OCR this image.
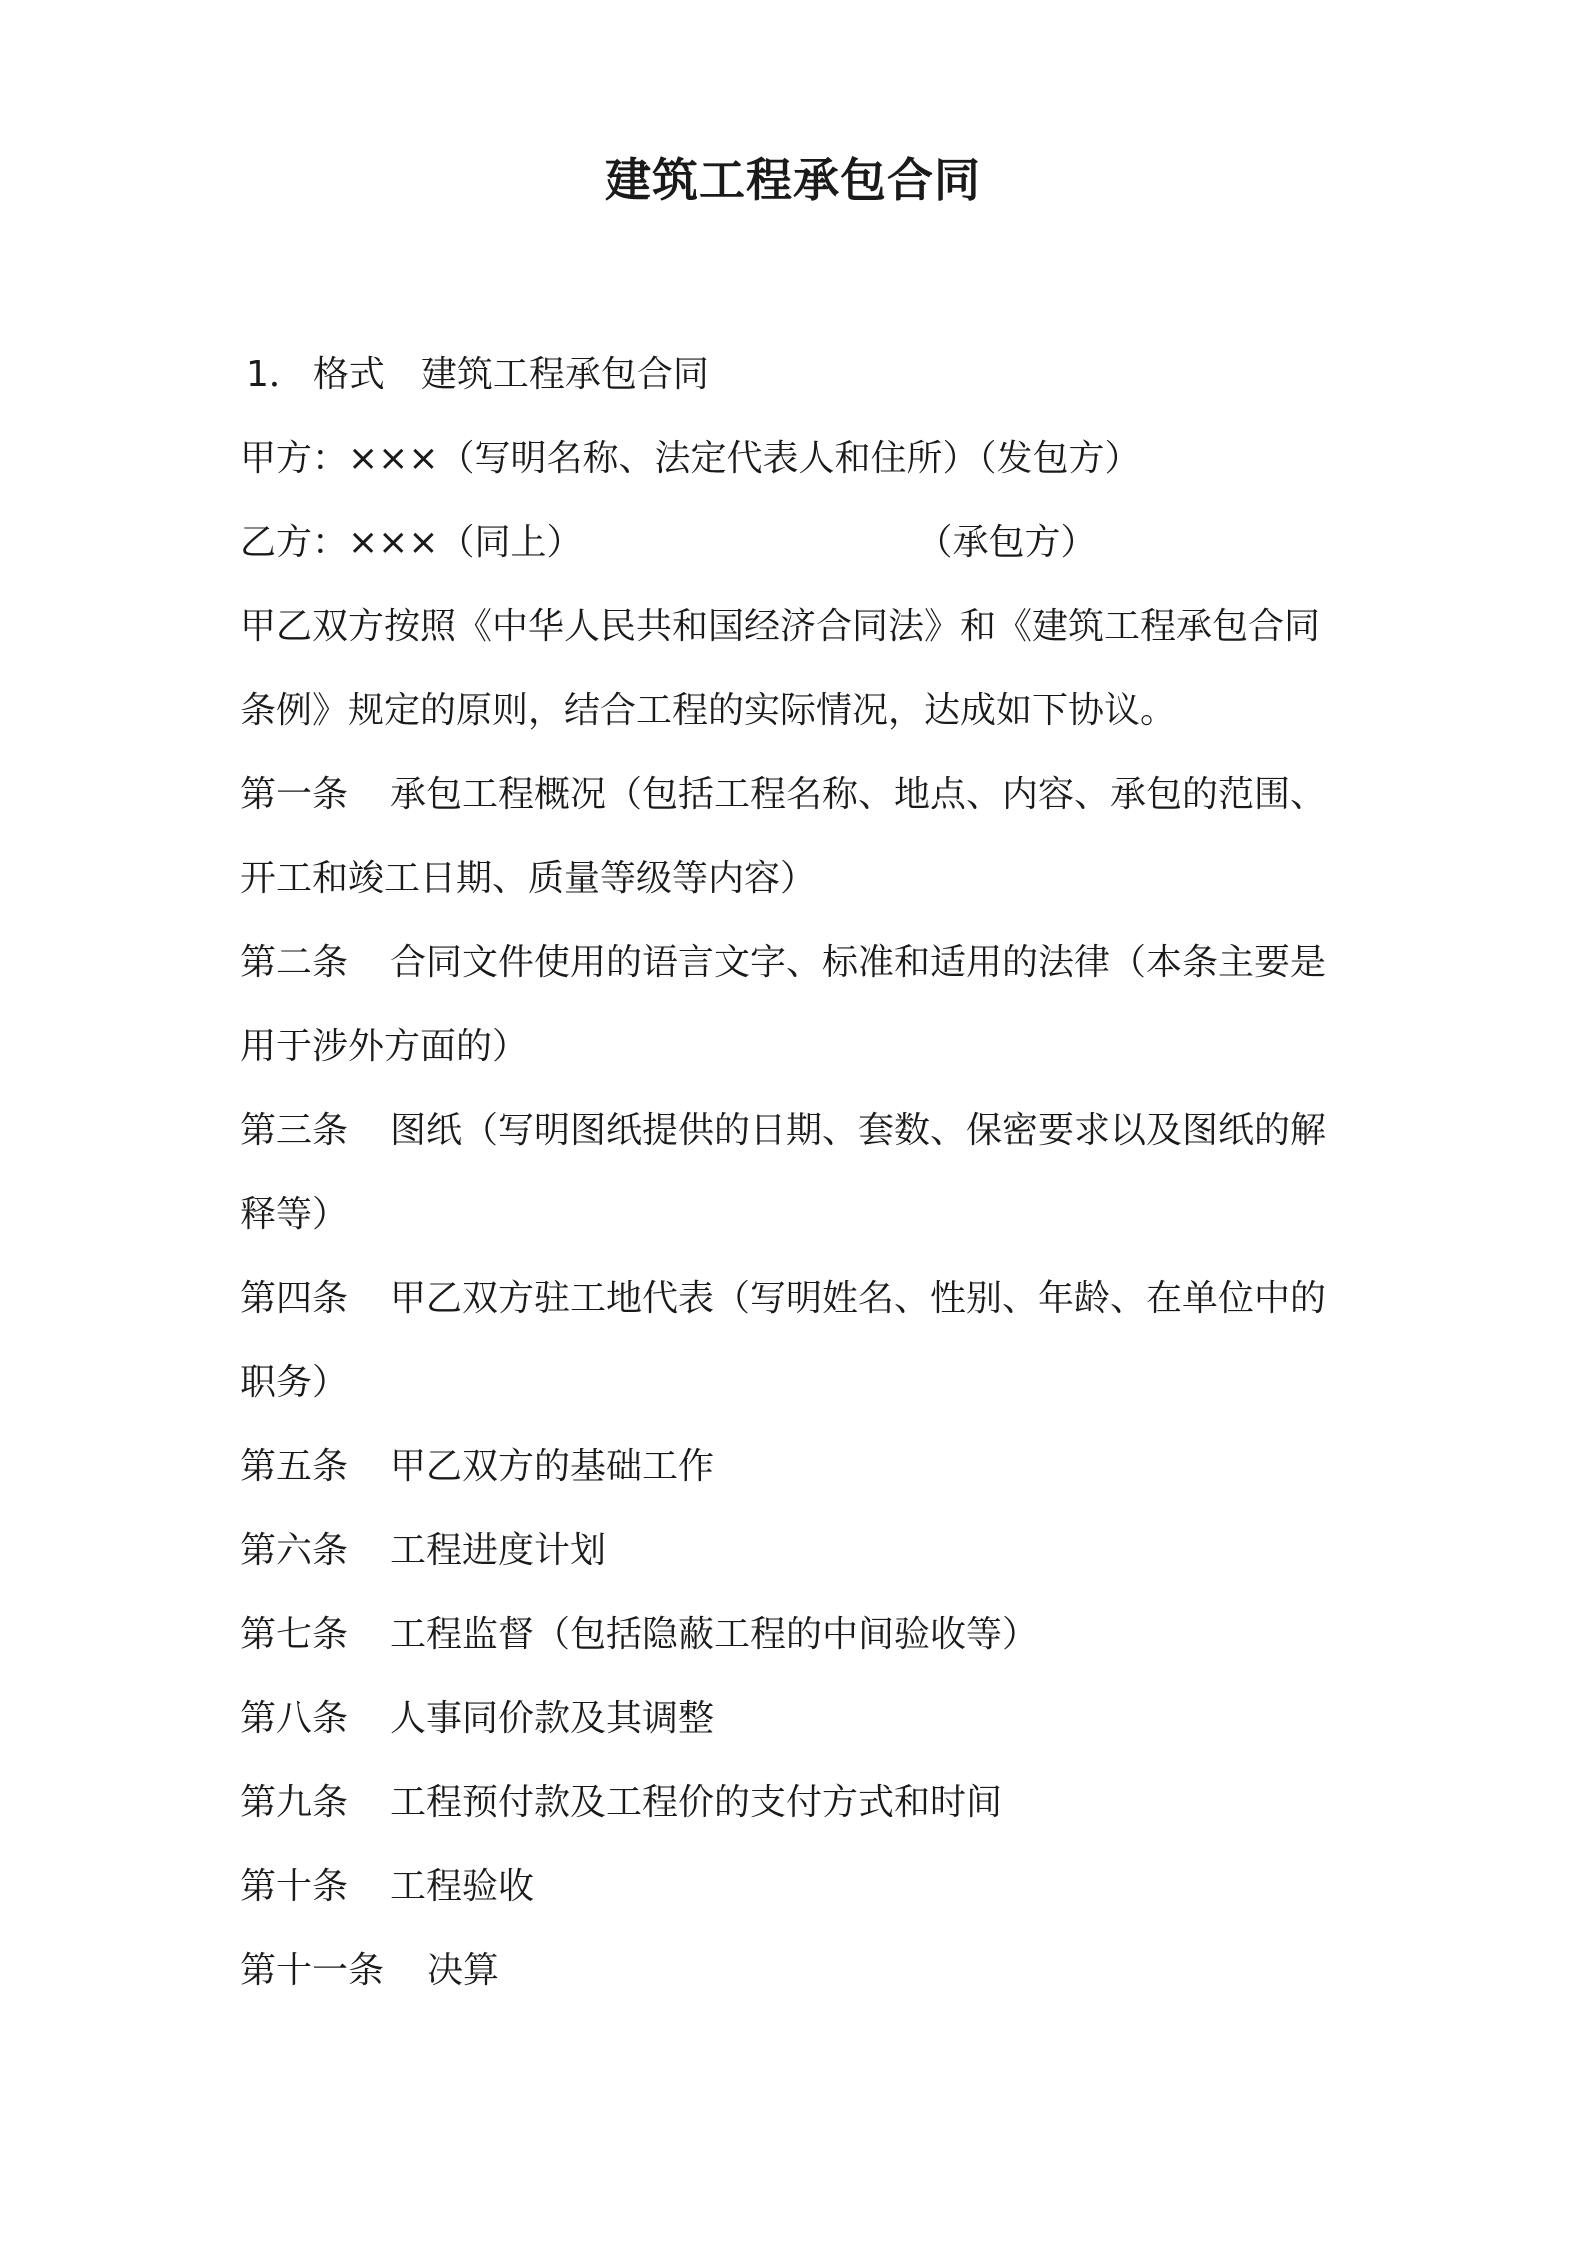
建筑工程承包合同
1． 格式 建筑工程承包合同
甲方：×××（写明名称、法定代表人和住所）（发包方）
乙方：×××（同上）	（承包方）
甲乙双方按照《中华人民共和国经济合同法》和《建筑工程承包合同
条例》规定的原则，结合工程的实际情况，达成如下协议。
第一条 承包工程概况（包括工程名称、地点、内容、承包的范围、
开工和竣工日期、质量等级等内容）
第二条 合同文件使用的语言文字、标准和适用的法律（本条主要是
用于涉外方面的）
第三条 图纸（写明图纸提供的日期、套数、保密要求以及图纸的解
释等）
第四条 甲乙双方驻工地代表（写明姓名、性别、年龄、在单位中的
职务）
第五条 甲乙双方的基础工作
第六条 工程进度计划
第七条 工程监督（包括隐蔽工程的中间验收等）
第八条 人事同价款及其调整
第九条 工程预付款及工程价的支付方式和时间
第十条 工程验收
第十一条 决算
